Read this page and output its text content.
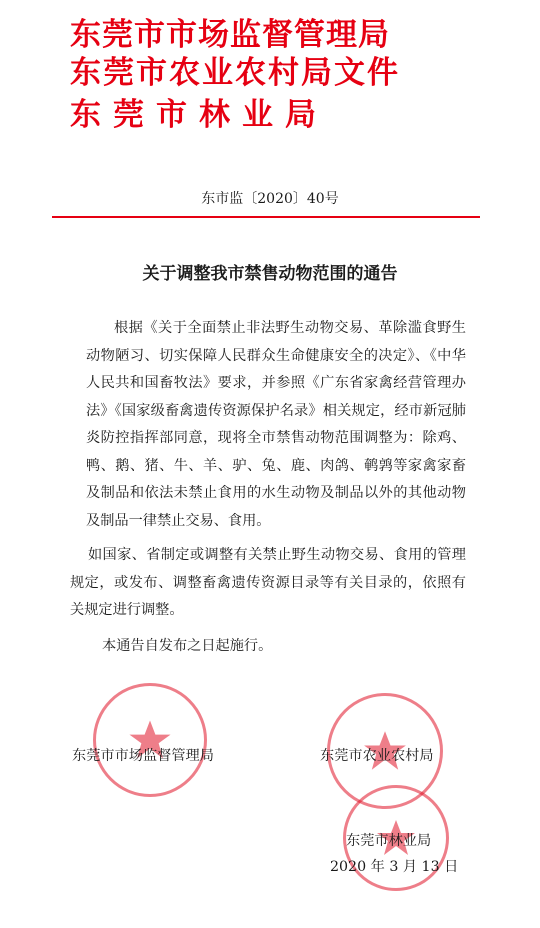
东莞市市场监督管理局
东莞市农业农村局文件
东莞市林业局
东市监〔2020〕40号
关于调整我市禁售动物范围的通告

根据《关于全面禁止非法野生动物交易、革除滥食野生动物陋习、切实保障人民群众生命健康安全的决定》、《中华人民共和国畜牧法》要求，并参照《广东省家禽经营管理办法》《国家级畜禽遗传资源保护名录》相关规定，经市新冠肺炎防控指挥部同意，现将全市禁售动物范围调整为：除鸡、鸭、鹅、猪、牛、羊、驴、兔、鹿、肉鸽、鹌鹑等家禽家畜及制品和依法未禁止食用的水生动物及制品以外的其他动物及制品一律禁止交易、食用。

如国家、省制定或调整有关禁止野生动物交易、食用的管理规定，或发布、调整畜禽遗传资源目录等有关目录的，依照有关规定进行调整。

本通告自发布之日起施行。

东莞市市场监督管理局	东莞市农业农村局
东莞市林业局
2020 年 3 月 13 日
